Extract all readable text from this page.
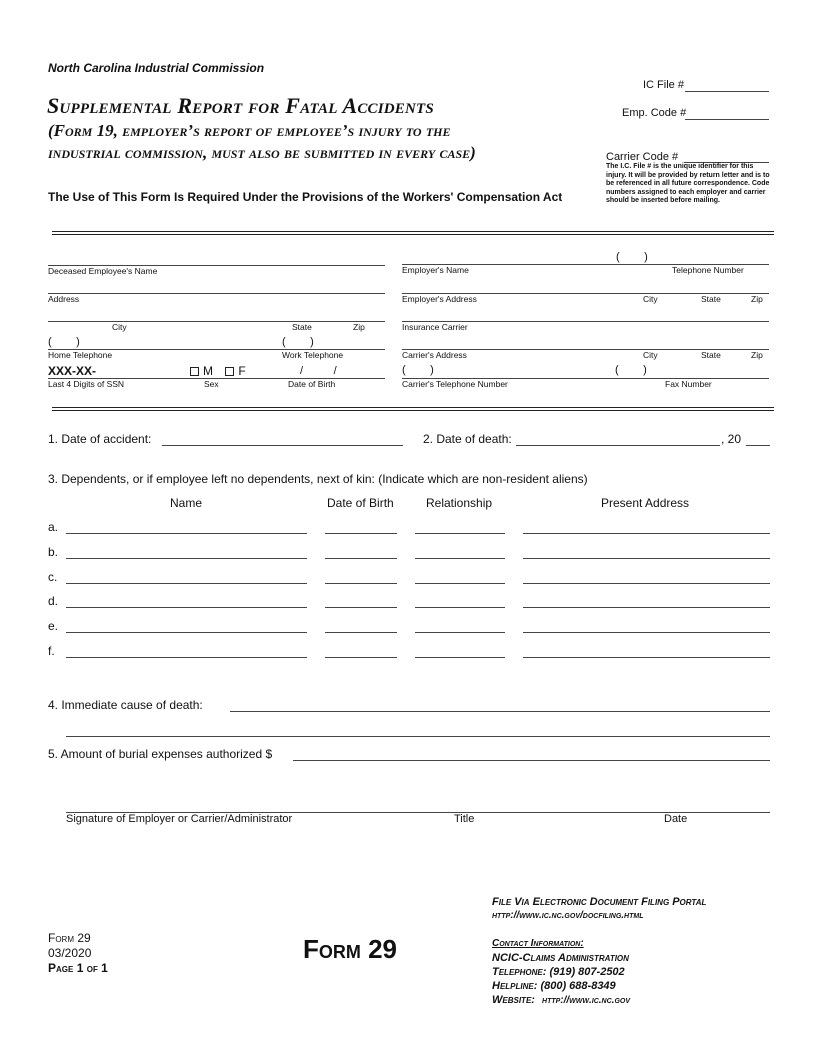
North Carolina Industrial Commission
Supplemental Report for Fatal Accidents
(Form 19, employer’s report of employee’s injury to the
industrial commission, must also be submitted in every case)
The Use of This Form Is Required Under the Provisions of the Workers' Compensation Act
IC File #
Emp. Code #
Carrier Code #
The I.C. File # is the unique identifier for this injury. It will be provided by return letter and is to be referenced in all future correspondence. Code numbers assigned to each employer and carrier should be inserted before mailing.
Deceased Employee's Name
Address
City	State	Zip
(        )	(        )
Home Telephone	Work Telephone
XXX-XX-	M F	/          /
Last 4 Digits of SSN	Sex	Date of Birth
(        )
Employer's Name	Telephone Number
Employer's Address	City	State	Zip
Insurance Carrier
Carrier's Address	City	State	Zip
(        )	(        )
Carrier's Telephone Number	Fax Number
1. Date of accident:	2. Date of death:	, 20
3. Dependents, or if employee left no dependents, next of kin: (Indicate which are non-resident aliens)
Name	Date of Birth	Relationship	Present Address
a.
b.
c.
d.
e.
f.
4. Immediate cause of death:
5. Amount of burial expenses authorized $
Signature of Employer or Carrier/Administrator	Title	Date
Form 29
03/2020
Page 1 of 1
Form 29
File Via Electronic Document Filing Portal
http://www.ic.nc.gov/docfiling.html
Contact Information:
NCIC-Claims Administration
Telephone: (919) 807-2502
Helpline: (800) 688-8349
Website: http://www.ic.nc.gov
